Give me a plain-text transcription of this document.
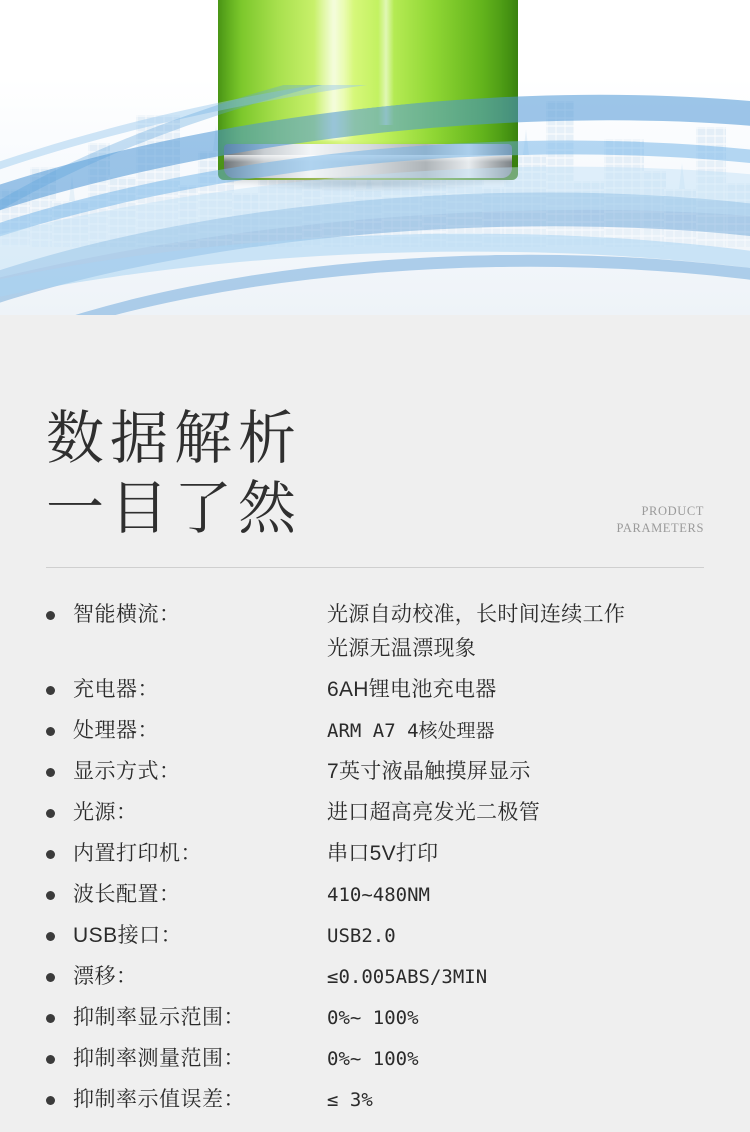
数据解析
一目了然	PRODUCT
PARAMETERS
智能横流：	光源自动校准，长时间连续工作
光源无温漂现象
充电器：	6AH锂电池充电器
处理器：	ARM A7 4核处理器
显示方式：	7英寸液晶触摸屏显示
光源：	进口超高亮发光二极管
内置打印机：	串口5V打印
波长配置：	410~480NM
USB接口：	USB2.0
漂移：	≤0.005ABS/3MIN
抑制率显示范围：	0%~ 100%
抑制率测量范围：	0%~ 100%
抑制率示值误差：	≤ 3%
